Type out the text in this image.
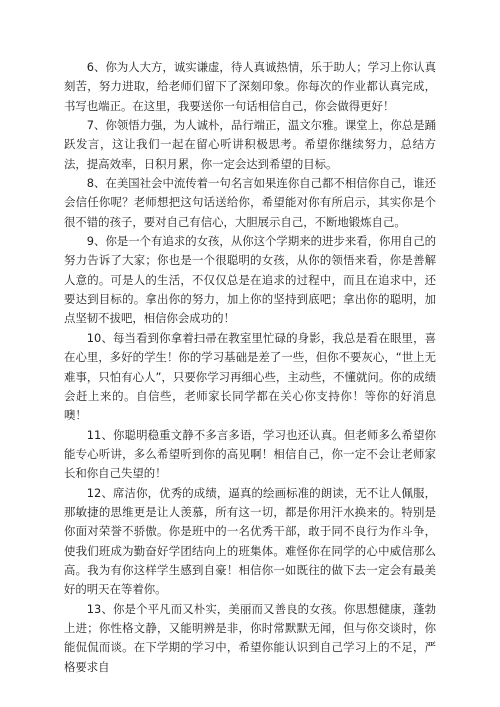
6、你为人大方，诚实谦虚，待人真诚热情，乐于助人；学习上你认真刻苦，努力进取，给老师们留下了深刻印象。你每次的作业都认真完成，书写也端正。在这里，我要送你一句话相信自己，你会做得更好！

7、你领悟力强，为人诚朴，品行端正，温文尔雅。课堂上，你总是踊跃发言，这让我们一起在留心听讲积极思考。希望你继续努力，总结方法，提高效率，日积月累，你一定会达到希望的目标。

8、在美国社会中流传着一句名言如果连你自己都不相信你自己，谁还会信任你呢？老师想把这句话送给你，希望能对你有所启示，其实你是个很不错的孩子，要对自己有信心，大胆展示自己，不断地锻炼自己。

9、你是一个有追求的女孩，从你这个学期来的进步来看，你用自己的努力告诉了大家；你也是一个很聪明的女孩，从你的领悟来看，你是善解人意的。可是人的生活，不仅仅总是在追求的过程中，而且在追求中，还要达到目标的。拿出你的努力，加上你的坚持到底吧；拿出你的聪明，加点坚韧不拔吧，相信你会成功的！

10、每当看到你拿着扫帚在教室里忙碌的身影，我总是看在眼里，喜在心里，多好的学生！你的学习基础是差了一些，但你不要灰心，“世上无难事，只怕有心人”，只要你学习再细心些，主动些，不懂就问。你的成绩会赶上来的。自信些，老师家长同学都在关心你支持你！等你的好消息噢！

11、你聪明稳重文静不多言多语，学习也还认真。但老师多么希望你能专心听讲，多么希望听到你的高见啊！相信自己，你一定不会让老师家长和你自己失望的！

12、席洁你，优秀的成绩，逼真的绘画标准的朗读，无不让人佩服，那敏捷的思维更是让人羡慕，所有这一切，都是你用汗水换来的。特别是你面对荣誉不骄傲。你是班中的一名优秀干部，敢于同不良行为作斗争，使我们班成为勤奋好学团结向上的班集体。难怪你在同学的心中威信那么高。我为有你这样学生感到自豪！相信你一如既往的做下去一定会有最美好的明天在等着你。

13、你是个平凡而又朴实，美丽而又善良的女孩。你思想健康，蓬勃上进；你性格文静，又能明辨是非，你时常默默无闻，但与你交谈时，你能侃侃而谈。在下学期的学习中，希望你能认识到自己学习上的不足，严格要求自
